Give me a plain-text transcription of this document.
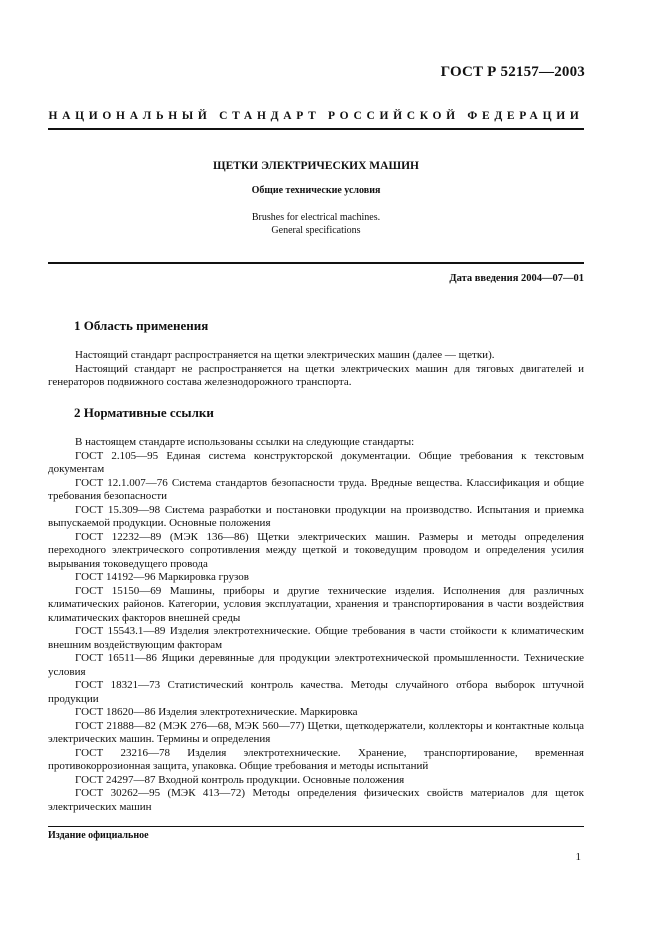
ГОСТ Р 52157—2003
НАЦИОНАЛЬНЫЙ СТАНДАРТ РОССИЙСКОЙ ФЕДЕРАЦИИ
ЩЕТКИ ЭЛЕКТРИЧЕСКИХ МАШИН
Общие технические условия
Brushes for electrical machines.
General specifications
Дата введения 2004—07—01
1 Область применения

Настоящий стандарт распространяется на щетки электрических машин (далее — щетки).

Настоящий стандарт не распространяется на щетки электрических машин для тяговых двигателей и генераторов подвижного состава железнодорожного транспорта.

2 Нормативные ссылки

В настоящем стандарте использованы ссылки на следующие стандарты:

ГОСТ 2.105—95 Единая система конструкторской документации. Общие требования к текстовым документам

ГОСТ 12.1.007—76 Система стандартов безопасности труда. Вредные вещества. Классификация и общие требования безопасности

ГОСТ 15.309—98 Система разработки и постановки продукции на производство. Испытания и приемка выпускаемой продукции. Основные положения

ГОСТ 12232—89 (МЭК 136—86) Щетки электрических машин. Размеры и методы определения переходного электрического сопротивления между щеткой и токоведущим проводом и определения усилия вырывания токоведущего провода

ГОСТ 14192—96 Маркировка грузов

ГОСТ 15150—69 Машины, приборы и другие технические изделия. Исполнения для различных климатических районов. Категории, условия эксплуатации, хранения и транспортирования в части воздействия климатических факторов внешней среды

ГОСТ 15543.1—89 Изделия электротехнические. Общие требования в части стойкости к климатическим внешним воздействующим факторам

ГОСТ 16511—86 Ящики деревянные для продукции электротехнической промышленности. Технические условия

ГОСТ 18321—73 Статистический контроль качества. Методы случайного отбора выборок штучной продукции

ГОСТ 18620—86 Изделия электротехнические. Маркировка

ГОСТ 21888—82 (МЭК 276—68, МЭК 560—77) Щетки, щеткодержатели, коллекторы и контактные кольца электрических машин. Термины и определения

ГОСТ 23216—78 Изделия электротехнические. Хранение, транспортирование, временная противокоррозионная защита, упаковка. Общие требования и методы испытаний

ГОСТ 24297—87 Входной контроль продукции. Основные положения

ГОСТ 30262—95 (МЭК 413—72) Методы определения физических свойств материалов для щеток электрических машин

Издание официальное
1
